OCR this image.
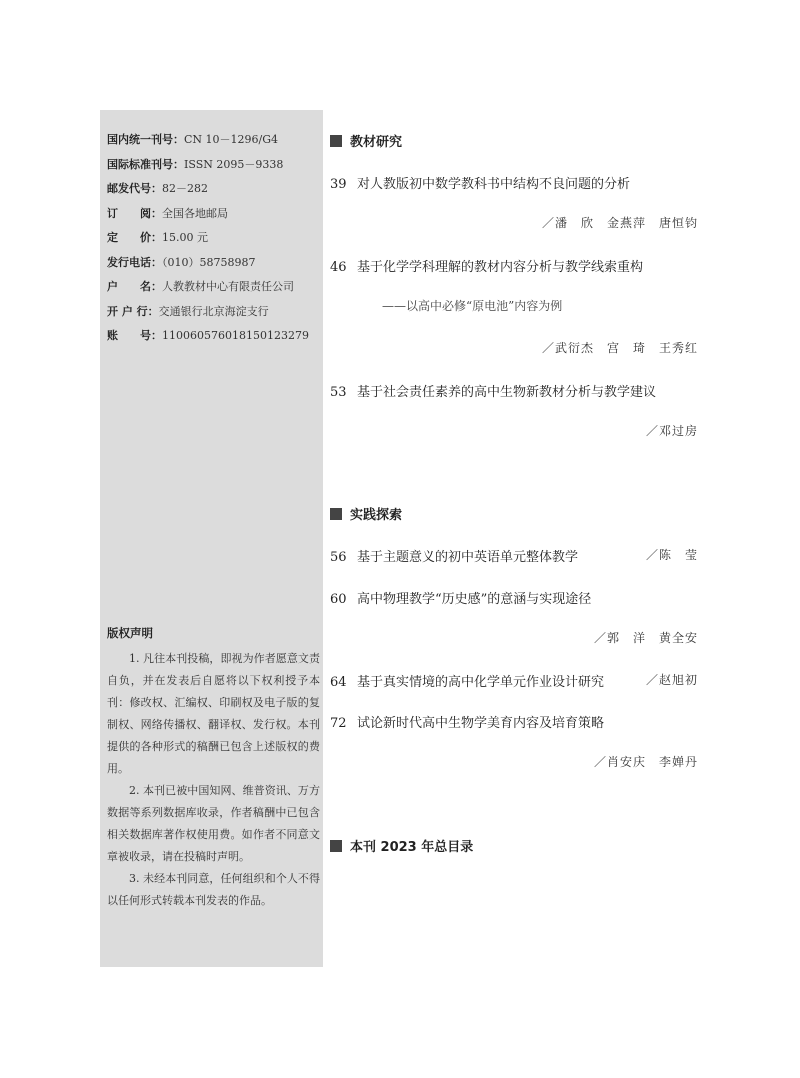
国内统一刊号：CN 10－1296/G4
国际标准刊号：ISSN 2095－9338
邮发代号：82－282
订　　阅：全国各地邮局
定　　价：15.00 元
发行电话：（010）58758987
户　　名：人教教材中心有限责任公司
开 户 行：交通银行北京海淀支行
账　　号：110060576018150123279
版权声明

1. 凡往本刊投稿，即视为作者愿意文责自负，并在发表后自愿将以下权利授予本刊：修改权、汇编权、印刷权及电子版的复制权、网络传播权、翻译权、发行权。本刊提供的各种形式的稿酬已包含上述版权的费用。

2. 本刊已被中国知网、维普资讯、万方数据等系列数据库收录，作者稿酬中已包含相关数据库著作权使用费。如作者不同意文章被收录，请在投稿时声明。

3. 未经本刊同意，任何组织和个人不得以任何形式转载本刊发表的作品。

教材研究
39 对人教版初中数学教科书中结构不良问题的分析
／潘　欣　金燕萍　唐恒钧
46 基于化学学科理解的教材内容分析与教学线索重构
——以高中必修“原电池”内容为例
／武衍杰　宫　琦　王秀红
53 基于社会责任素养的高中生物新教材分析与教学建议
／邓过房
实践探索
56 基于主题意义的初中英语单元整体教学	／陈　莹
60 高中物理教学“历史感”的意涵与实现途径
／郭　洋　黄全安
64 基于真实情境的高中化学单元作业设计研究	／赵旭初
72 试论新时代高中生物学美育内容及培育策略
／肖安庆　李婵丹
本刊 2023 年总目录
